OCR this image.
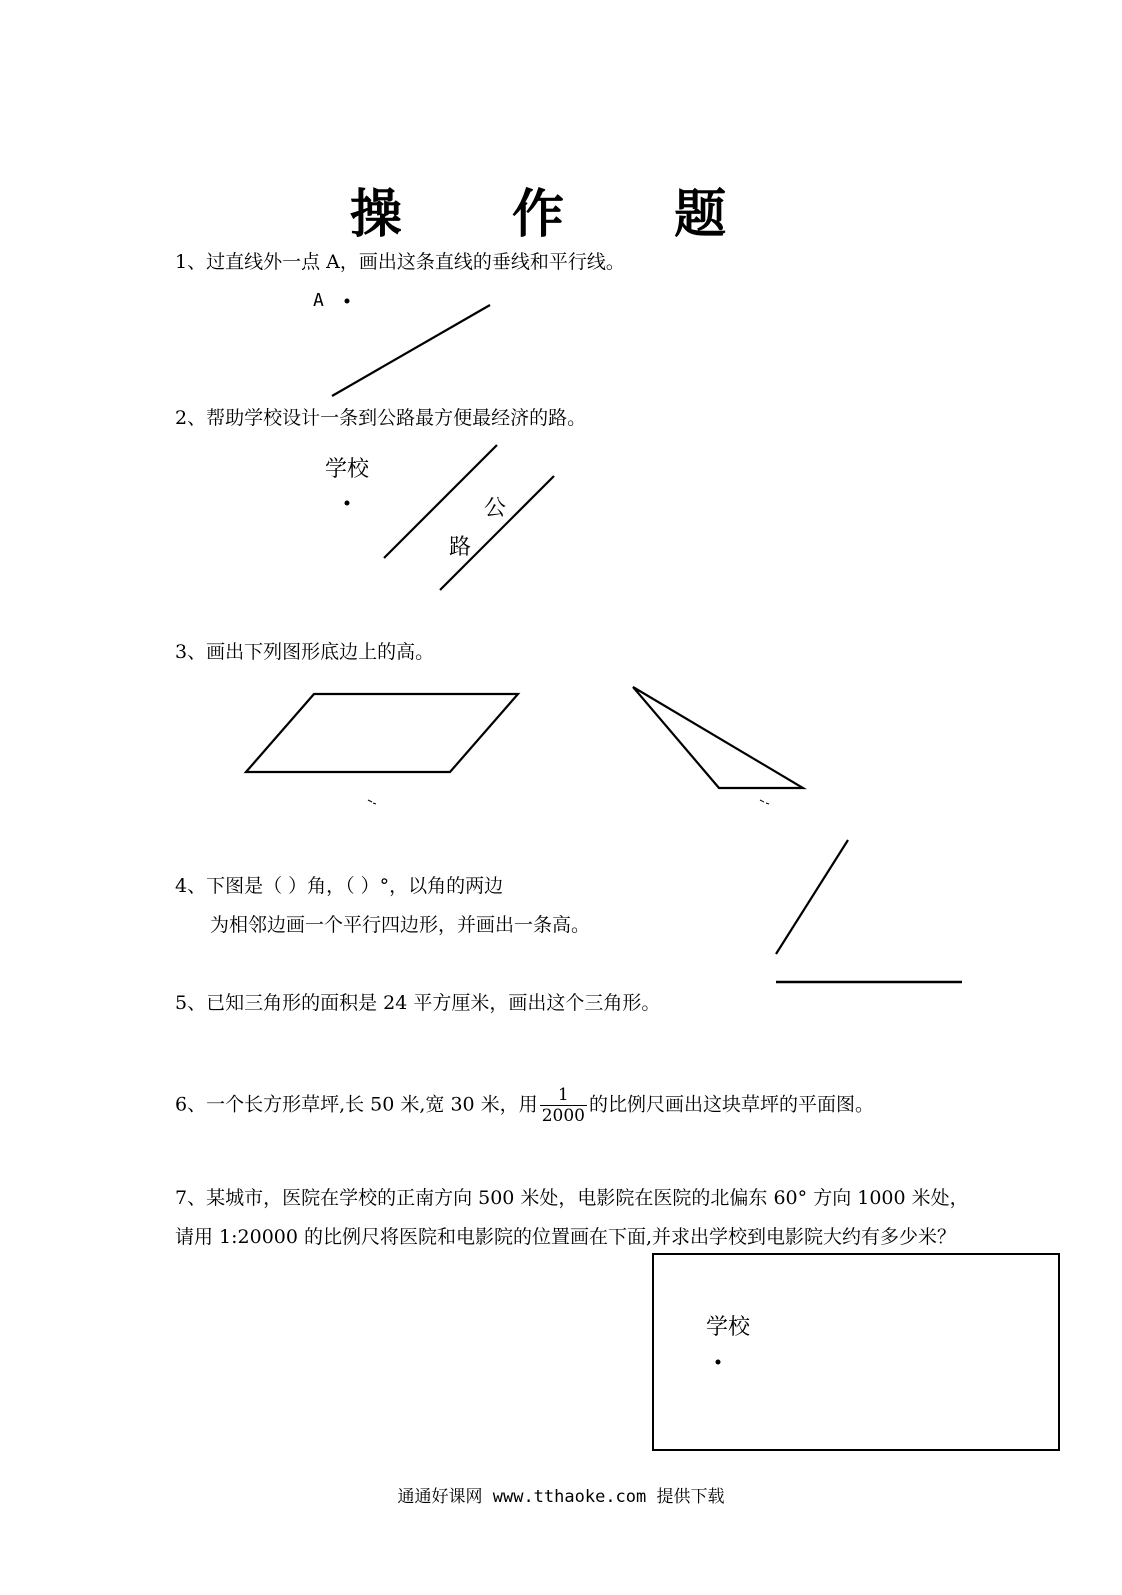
操 作 题
1、过直线外一点 A，画出这条直线的垂线和平行线。
A
2、帮助学校设计一条到公路最方便最经济的路。
学校
公
路
3、画出下列图形底边上的高。
4、下图是（ ）角，（ ）°，以角的两边
为相邻边画一个平行四边形，并画出一条高。
5、已知三角形的面积是 24 平方厘米，画出这个三角形。
6、一个长方形草坪,长 50 米,宽 30 米，用 $\frac{1}{2000}$ 的比例尺画出这块草坪的平面图。
7、某城市，医院在学校的正南方向 500 米处，电影院在医院的北偏东 60° 方向 1000 米处，
请用 1:20000 的比例尺将医院和电影院的位置画在下面,并求出学校到电影院大约有多少米？
学校
通通好课网 www.tthaoke.com 提供下载
